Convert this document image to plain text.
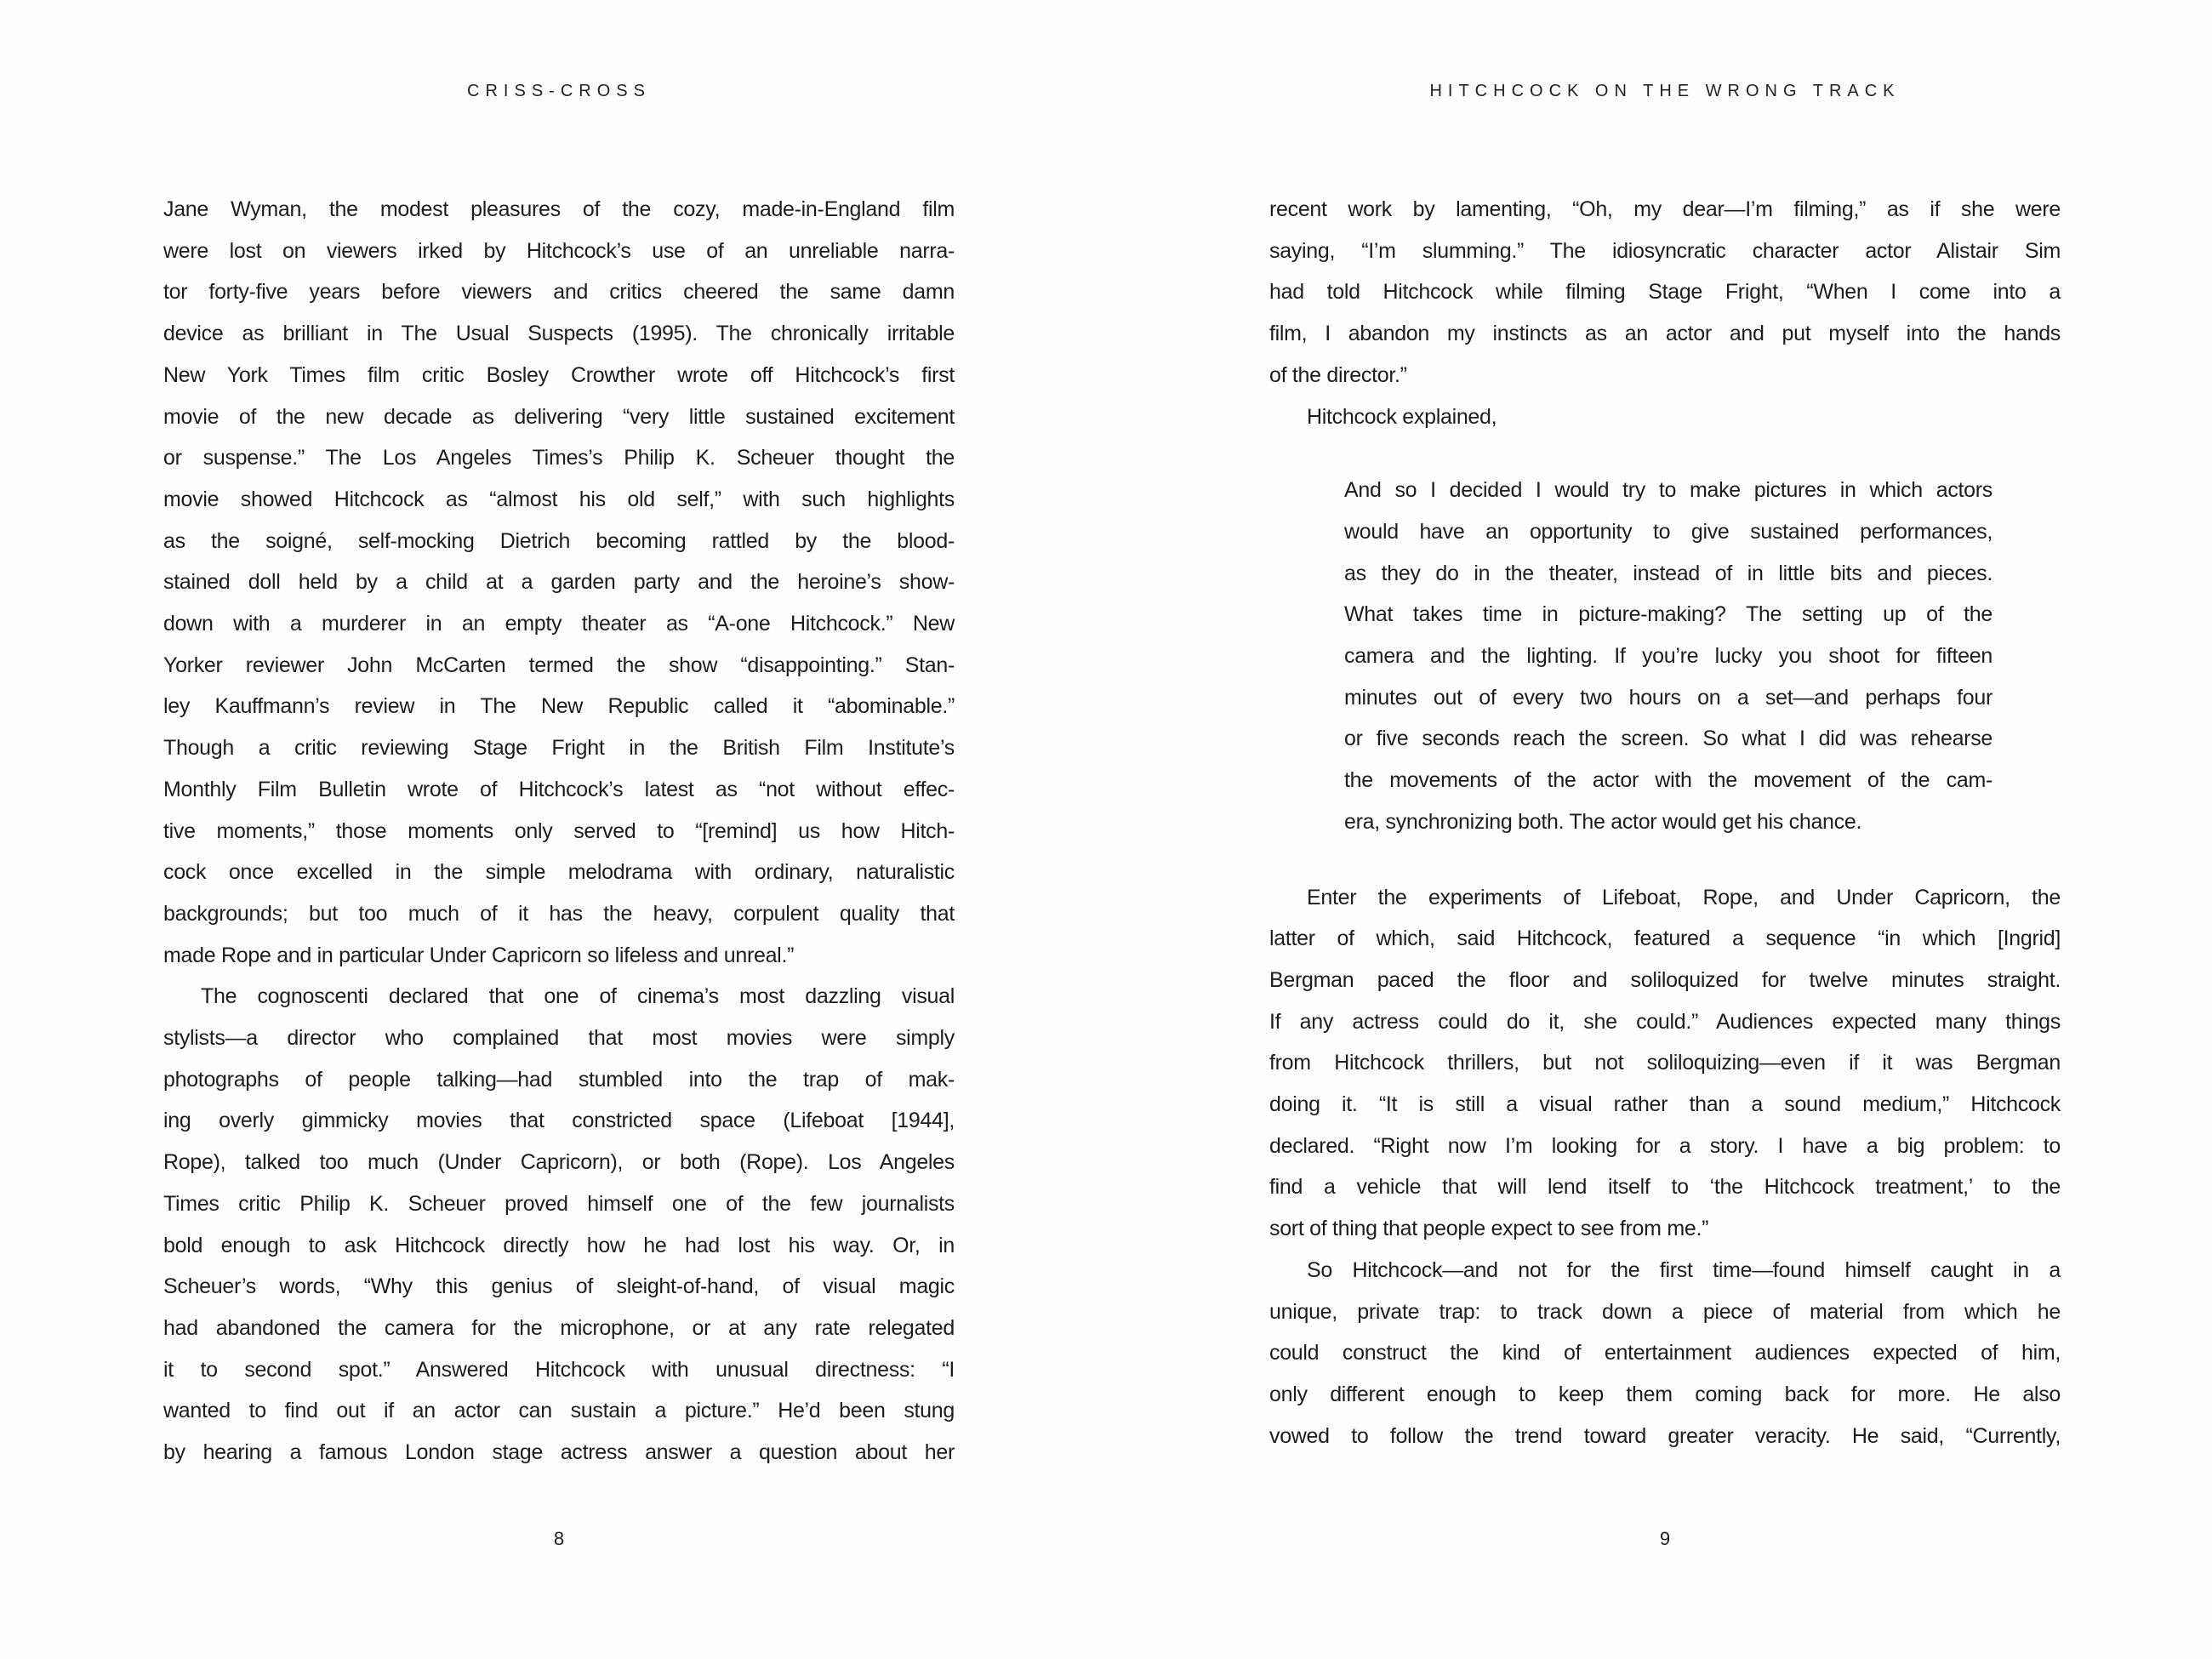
CRISS-CROSS
Jane Wyman, the modest pleasures of the cozy, made-in-England film
were lost on viewers irked by Hitchcock’s use of an unreliable narra-
tor forty-five years before viewers and critics cheered the same damn
device as brilliant in The Usual Suspects (1995). The chronically irritable
New York Times film critic Bosley Crowther wrote off Hitchcock’s first
movie of the new decade as delivering “very little sustained excitement
or suspense.” The Los Angeles Times’s Philip K. Scheuer thought the
movie showed Hitchcock as “almost his old self,” with such highlights
as the soigné, self-mocking Dietrich becoming rattled by the blood-
stained doll held by a child at a garden party and the heroine’s show-
down with a murderer in an empty theater as “A-one Hitchcock.” New
Yorker reviewer John McCarten termed the show “disappointing.” Stan-
ley Kauffmann’s review in The New Republic called it “abominable.”
Though a critic reviewing Stage Fright in the British Film Institute’s
Monthly Film Bulletin wrote of Hitchcock’s latest as “not without effec-
tive moments,” those moments only served to “[remind] us how Hitch-
cock once excelled in the simple melodrama with ordinary, naturalistic
backgrounds; but too much of it has the heavy, corpulent quality that
made Rope and in particular Under Capricorn so lifeless and unreal.”
The cognoscenti declared that one of cinema’s most dazzling visual
stylists—a director who complained that most movies were simply
photographs of people talking—had stumbled into the trap of mak-
ing overly gimmicky movies that constricted space (Lifeboat [1944],
Rope), talked too much (Under Capricorn), or both (Rope). Los Angeles
Times critic Philip K. Scheuer proved himself one of the few journalists
bold enough to ask Hitchcock directly how he had lost his way. Or, in
Scheuer’s words, “Why this genius of sleight-of-hand, of visual magic
had abandoned the camera for the microphone, or at any rate relegated
it to second spot.” Answered Hitchcock with unusual directness: “I
wanted to find out if an actor can sustain a picture.” He’d been stung
by hearing a famous London stage actress answer a question about her
8
HITCHCOCK ON THE WRONG TRACK
recent work by lamenting, “Oh, my dear—I’m filming,” as if she were
saying, “I’m slumming.” The idiosyncratic character actor Alistair Sim
had told Hitchcock while filming Stage Fright, “When I come into a
film, I abandon my instincts as an actor and put myself into the hands
of the director.”
Hitchcock explained,
And so I decided I would try to make pictures in which actors
would have an opportunity to give sustained performances,
as they do in the theater, instead of in little bits and pieces.
What takes time in picture-making? The setting up of the
camera and the lighting. If you’re lucky you shoot for fifteen
minutes out of every two hours on a set—and perhaps four
or five seconds reach the screen. So what I did was rehearse
the movements of the actor with the movement of the cam-
era, synchronizing both. The actor would get his chance.
Enter the experiments of Lifeboat, Rope, and Under Capricorn, the
latter of which, said Hitchcock, featured a sequence “in which [Ingrid]
Bergman paced the floor and soliloquized for twelve minutes straight.
If any actress could do it, she could.” Audiences expected many things
from Hitchcock thrillers, but not soliloquizing—even if it was Bergman
doing it. “It is still a visual rather than a sound medium,” Hitchcock
declared. “Right now I’m looking for a story. I have a big problem: to
find a vehicle that will lend itself to ‘the Hitchcock treatment,’ to the
sort of thing that people expect to see from me.”
So Hitchcock—and not for the first time—found himself caught in a
unique, private trap: to track down a piece of material from which he
could construct the kind of entertainment audiences expected of him,
only different enough to keep them coming back for more. He also
vowed to follow the trend toward greater veracity. He said, “Currently,
9
